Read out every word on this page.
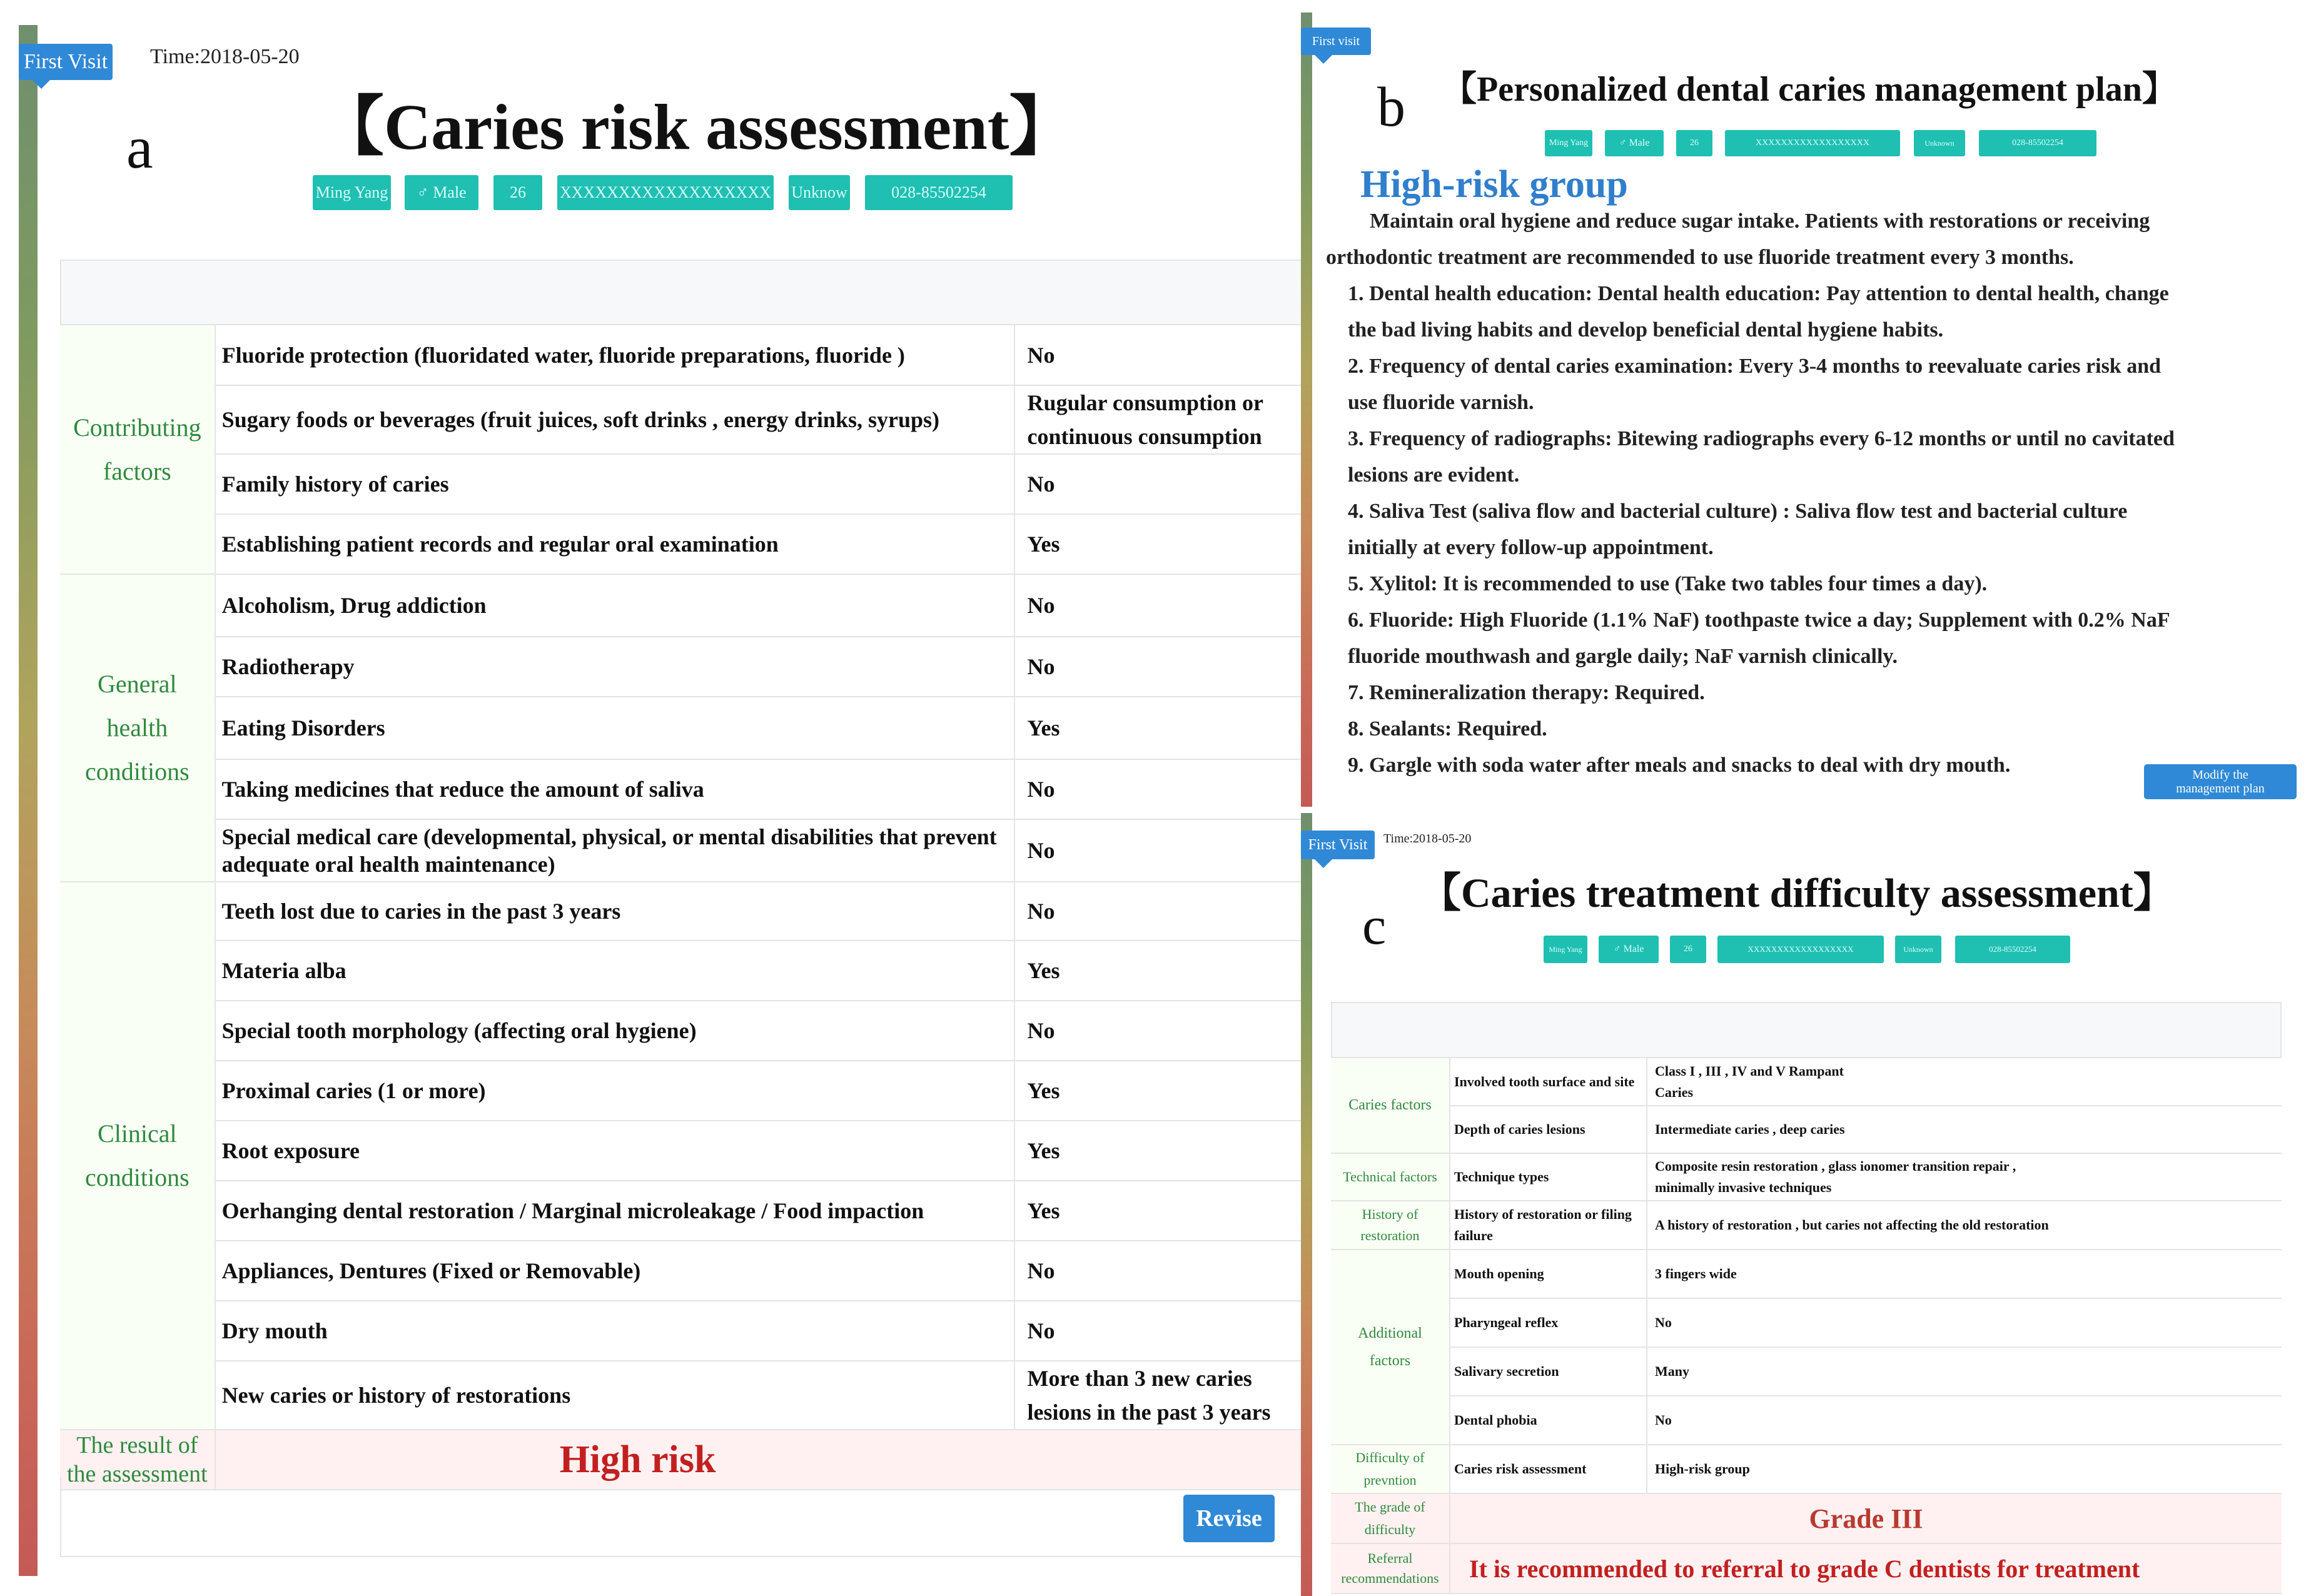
First Visit Time:2018-05-20
【Caries risk assessment】
a
Ming Yang	♂ Male	26	XXXXXXXXXXXXXXXXXX Unknow	028-85502254
Contributing factors	Fluoride protection (fluoridated water, fluoride preparations, fluoride )	No
	Sugary foods or beverages (fruit juices, soft drinks , energy drinks, syrups)	Rugular consumption or continuous consumption
	Family history of caries	No
	Establishing patient records and regular oral examination	Yes
General health conditions	Alcoholism, Drug addiction	No
	Radiotherapy	No
	Eating Disorders	Yes
	Taking medicines that reduce the amount of saliva	No
	Special medical care (developmental, physical, or mental disabilities that prevent adequate oral health maintenance)	No
Clinical conditions	Teeth lost due to caries in the past 3 years	No
	Materia alba	Yes
	Special tooth morphology (affecting oral hygiene)	No
	Proximal caries (1 or more)	Yes
	Root exposure	Yes
	Oerhanging dental restoration / Marginal microleakage / Food impaction	Yes
	Appliances, Dentures (Fixed or Removable)	No
	Dry mouth	No
	New caries or history of restorations	More than 3 new caries lesions in the past 3 years
The result of the assessment	High risk	
Revise
First visit
【Personalized dental caries management plan】
b
Ming Yang	♂ Male	26	XXXXXXXXXXXXXXXXXX	Unknown	028-85502254
High-risk group
Maintain oral hygiene and reduce sugar intake. Patients with restorations or receiving
orthodontic treatment are recommended to use fluoride treatment every 3 months.
1. Dental health education: Dental health education: Pay attention to dental health, change
the bad living habits and develop beneficial dental hygiene habits.
2. Frequency of dental caries examination: Every 3-4 months to reevaluate caries risk and
use fluoride varnish.
3. Frequency of radiographs: Bitewing radiographs every 6-12 months or until no cavitated
lesions are evident.
4. Saliva Test (saliva flow and bacterial culture) : Saliva flow test and bacterial culture
initially at every follow-up appointment.
5. Xylitol: It is recommended to use (Take two tables four times a day).
6. Fluoride: High Fluoride (1.1% NaF) toothpaste twice a day; Supplement with 0.2% NaF
fluoride mouthwash and gargle daily; NaF varnish clinically.
7. Remineralization therapy: Required.
8. Sealants: Required.
9. Gargle with soda water after meals and snacks to deal with dry mouth.	Modify the management plan
First Visit	Time:2018-05-20
【Caries treatment difficulty assessment】
c	Ming Yang	♂ Male	26	XXXXXXXXXXXXXXXXXX	Unknown	028-85502254
Caries factors	Involved tooth surface and site	Class I , III , IV and V Rampant Caries
	Depth of caries lesions	Intermediate caries , deep caries
Technical factors	Technique types	Composite resin restoration , glass ionomer transition repair , minimally invasive techniques
History of restoration	History of restoration or filing failure	A history of restoration , but caries not affecting the old restoration
Additional factors	Mouth opening	3 fingers wide
	Pharyngeal reflex	No
	Salivary secretion	Many
	Dental phobia	No
Difficulty of prevntion	Caries risk assessment	High-risk group
The grade of difficulty	Grade III	
Referral recommendations	It is recommended to referral to grade C dentists for treatment	
